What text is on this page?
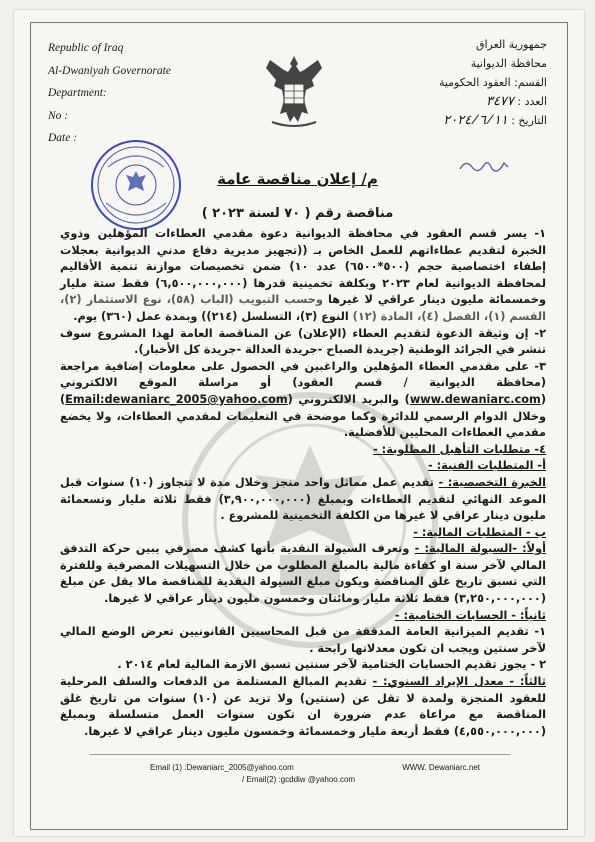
Republic of Iraq
Al-Dwaniyah Governorate
Department:
No :
Date :
جمهورية العراق
محافظة الديوانية
القسم: العقود الحكومية
العدد : ٣٤٧٧
التاريخ : ٢٠٢٤/٦/١١
م/ إعلان مناقصة عامة
مناقصة رقم ( ٧٠ لسنة ٢٠٢٣ )

١- يسر قسم العقود في محافظة الديوانية دعوة مقدمي العطاءات المؤهلين وذوي الخبرة لتقديم عطاءاتهم للعمل الخاص بـ ((تجهيز مديرية دفاع مدني الديوانية بعجلات إطفاء اختصاصية حجم (٥٠٠*٦٥٠٠) عدد ١٠) ضمن تخصيصات موازنة تنمية الأقاليم لمحافظة الديوانية لعام ٢٠٢٣ وبكلفة تخمينية قدرها (٦,٥٠٠,٠٠٠,٠٠٠) فقط ستة مليار وخمسمائة مليون دينار عراقي لا غيرها وحسب التبويب (الباب (٥٨)، نوع الاستثمار (٢)، القسم (١)، الفصل (٤)، المادة (١٢) النوع (٣)، التسلسل (٢١٤)) وبمدة عمل (٣٦٠) يوم.

٢- إن وثيقة الدعوة لتقديم العطاء (الإعلان) عن المناقصة العامة لهذا المشروع سوف تنشر في الجرائد الوطنية (جريدة الصباح -جريدة العدالة -جريدة كل الأخبار).

٣- على مقدمي العطاء المؤهلين والراغبين في الحصول على معلومات إضافية مراجعة (محافظة الديوانية / قسم العقود) أو مراسلة الموقع الالكتروني (www.dewaniarc.com) والبريد الالكتروني (Email:dewaniarc_2005@yahoo.com) وخلال الدوام الرسمي للدائرة وكما موضحة في التعليمات لمقدمي العطاءات، ولا يخضع مقدمي العطاءات المحليين للأفضلية.

٤- متطلبات التأهيل المطلوبة: -

أ- المتطلبات الفنية: -

الخبرة التخصصية: - تقديم عمل مماثل واحد منجز وخلال مدة لا تتجاوز (١٠) سنوات قبل الموعد النهائي لتقديم العطاءات وبمبلغ (٣,٩٠٠,٠٠٠,٠٠٠) فقط ثلاثة مليار وتسعمائة مليون دينار عراقي لا غيرها من الكلفة التخمينية للمشروع .

ب - المتطلبات المالية: -

أولاً: -السيولة المالية: - وتعرف السيولة النقدية بأنها كشف مصرفي يبين حركة التدفق المالي لآخر سنة او كفاءة مالية بالمبلغ المطلوب من خلال التسهيلات المصرفية وللفترة التي تسبق تاريخ غلق المناقصة ويكون مبلغ السيولة النقدية للمناقصة مالا يقل عن مبلغ (٣,٢٥٠,٠٠٠,٠٠٠) فقط ثلاثة مليار ومائتان وخمسون مليون دينار عراقي لا غيرها.

ثانياً: - الحسابات الختامية: -

١- تقديم الميزانية العامة المدققة من قبل المحاسبين القانونيين تعرض الوضع المالي لآخر سنتين ويجب ان تكون معدلاتها رابحة .

٢ - يجوز تقديم الحسابات الختامية لآخر سنتين تسبق الازمة المالية لعام ٢٠١٤ .

ثالثاً: - معدل الإيراد السنوي: - تقديم المبالغ المستلمة من الدفعات والسلف المرحلية للعقود المنجزة ولمدة لا تقل عن (سنتين) ولا تزيد عن (١٠) سنوات من تاريخ غلق المناقصة مع مراعاة عدم ضرورة ان تكون سنوات العمل متسلسلة وبمبلغ (٤,٥٥٠,٠٠٠,٠٠٠) فقط أربعة مليار وخمسمائة وخمسون مليون دينار عراقي لا غيرها.

Email (1) :Dewaniarc_2005@yahoo.com	WWW. Dewaniarc.net
/ Email(2) :gcddiw @yahoo.com
